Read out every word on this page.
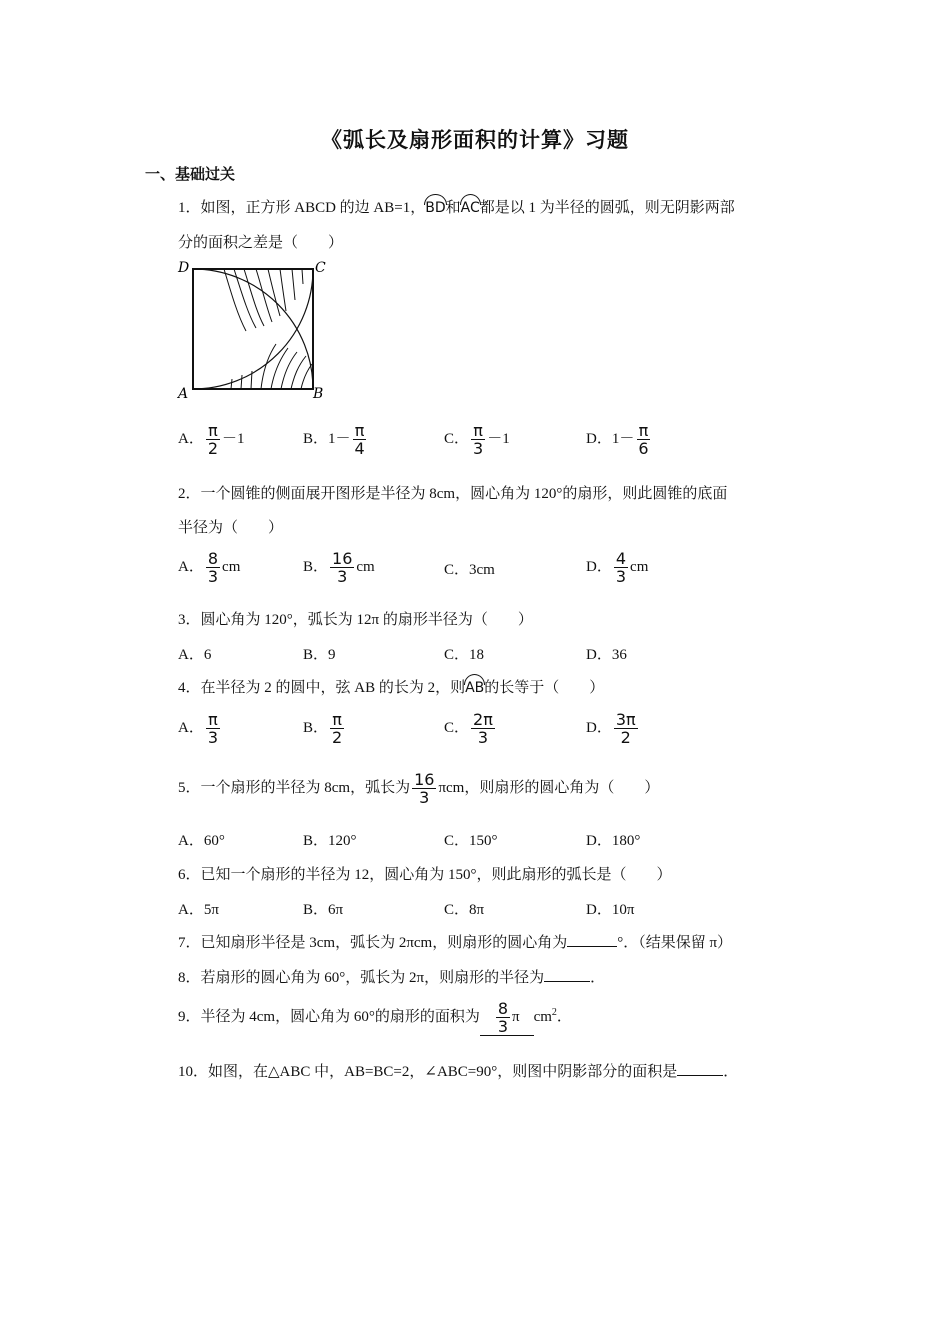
《弧长及扇形面积的计算》习题
一、基础过关
1．如图，正方形 ABCD 的边 AB=1，BD和AC都是以 1 为半径的圆弧，则无阴影两部
分的面积之差是（　　）
D	C
A	B
A． $\frac{\pi}{2} -1$	B．$1- \frac{\pi}{4}$	C． $\frac{\pi}{3} -1$	D．$1- \frac{\pi}{6}$
2．一个圆锥的侧面展开图形是半径为 8cm，圆心角为 120°的扇形，则此圆锥的底面
半径为（　　）
A． $\frac{8}{3}$ cm	B． $\frac{16}{3}$ cm	C．3cm	D． $\frac{4}{3}$ cm
3．圆心角为 120°，弧长为 12π 的扇形半径为（　　）
A．6	B．9	C．18	D．36
4．在半径为 2 的圆中，弦 AB 的长为 2，则AB的长等于（　　）
A． $\frac{\pi}{3}$	B． $\frac{\pi}{2}$	C． $\frac{2\pi}{3}$	D． $\frac{3\pi}{2}$
5．一个扇形的半径为 8cm，弧长为 $\frac{16}{3}$ πcm，则扇形的圆心角为（　　）
A．60°	B．120°	C．150°	D．180°
6．已知一个扇形的半径为 12，圆心角为 150°，则此扇形的弧长是（　　）
A．5π	B．6π	C．8π	D．10π
7．已知扇形半径是 3cm，弧长为 2πcm，则扇形的圆心角为	°．（结果保留 π）
8．若扇形的圆心角为 60°，弧长为 2π，则扇形的半径为	．
9．半径为 4cm，圆心角为 60°的扇形的面积为 $\frac{8}{3}$ π $cm^2$．
10．如图，在△ABC 中，AB=BC=2，∠ABC=90°，则图中阴影部分的面积是	．
